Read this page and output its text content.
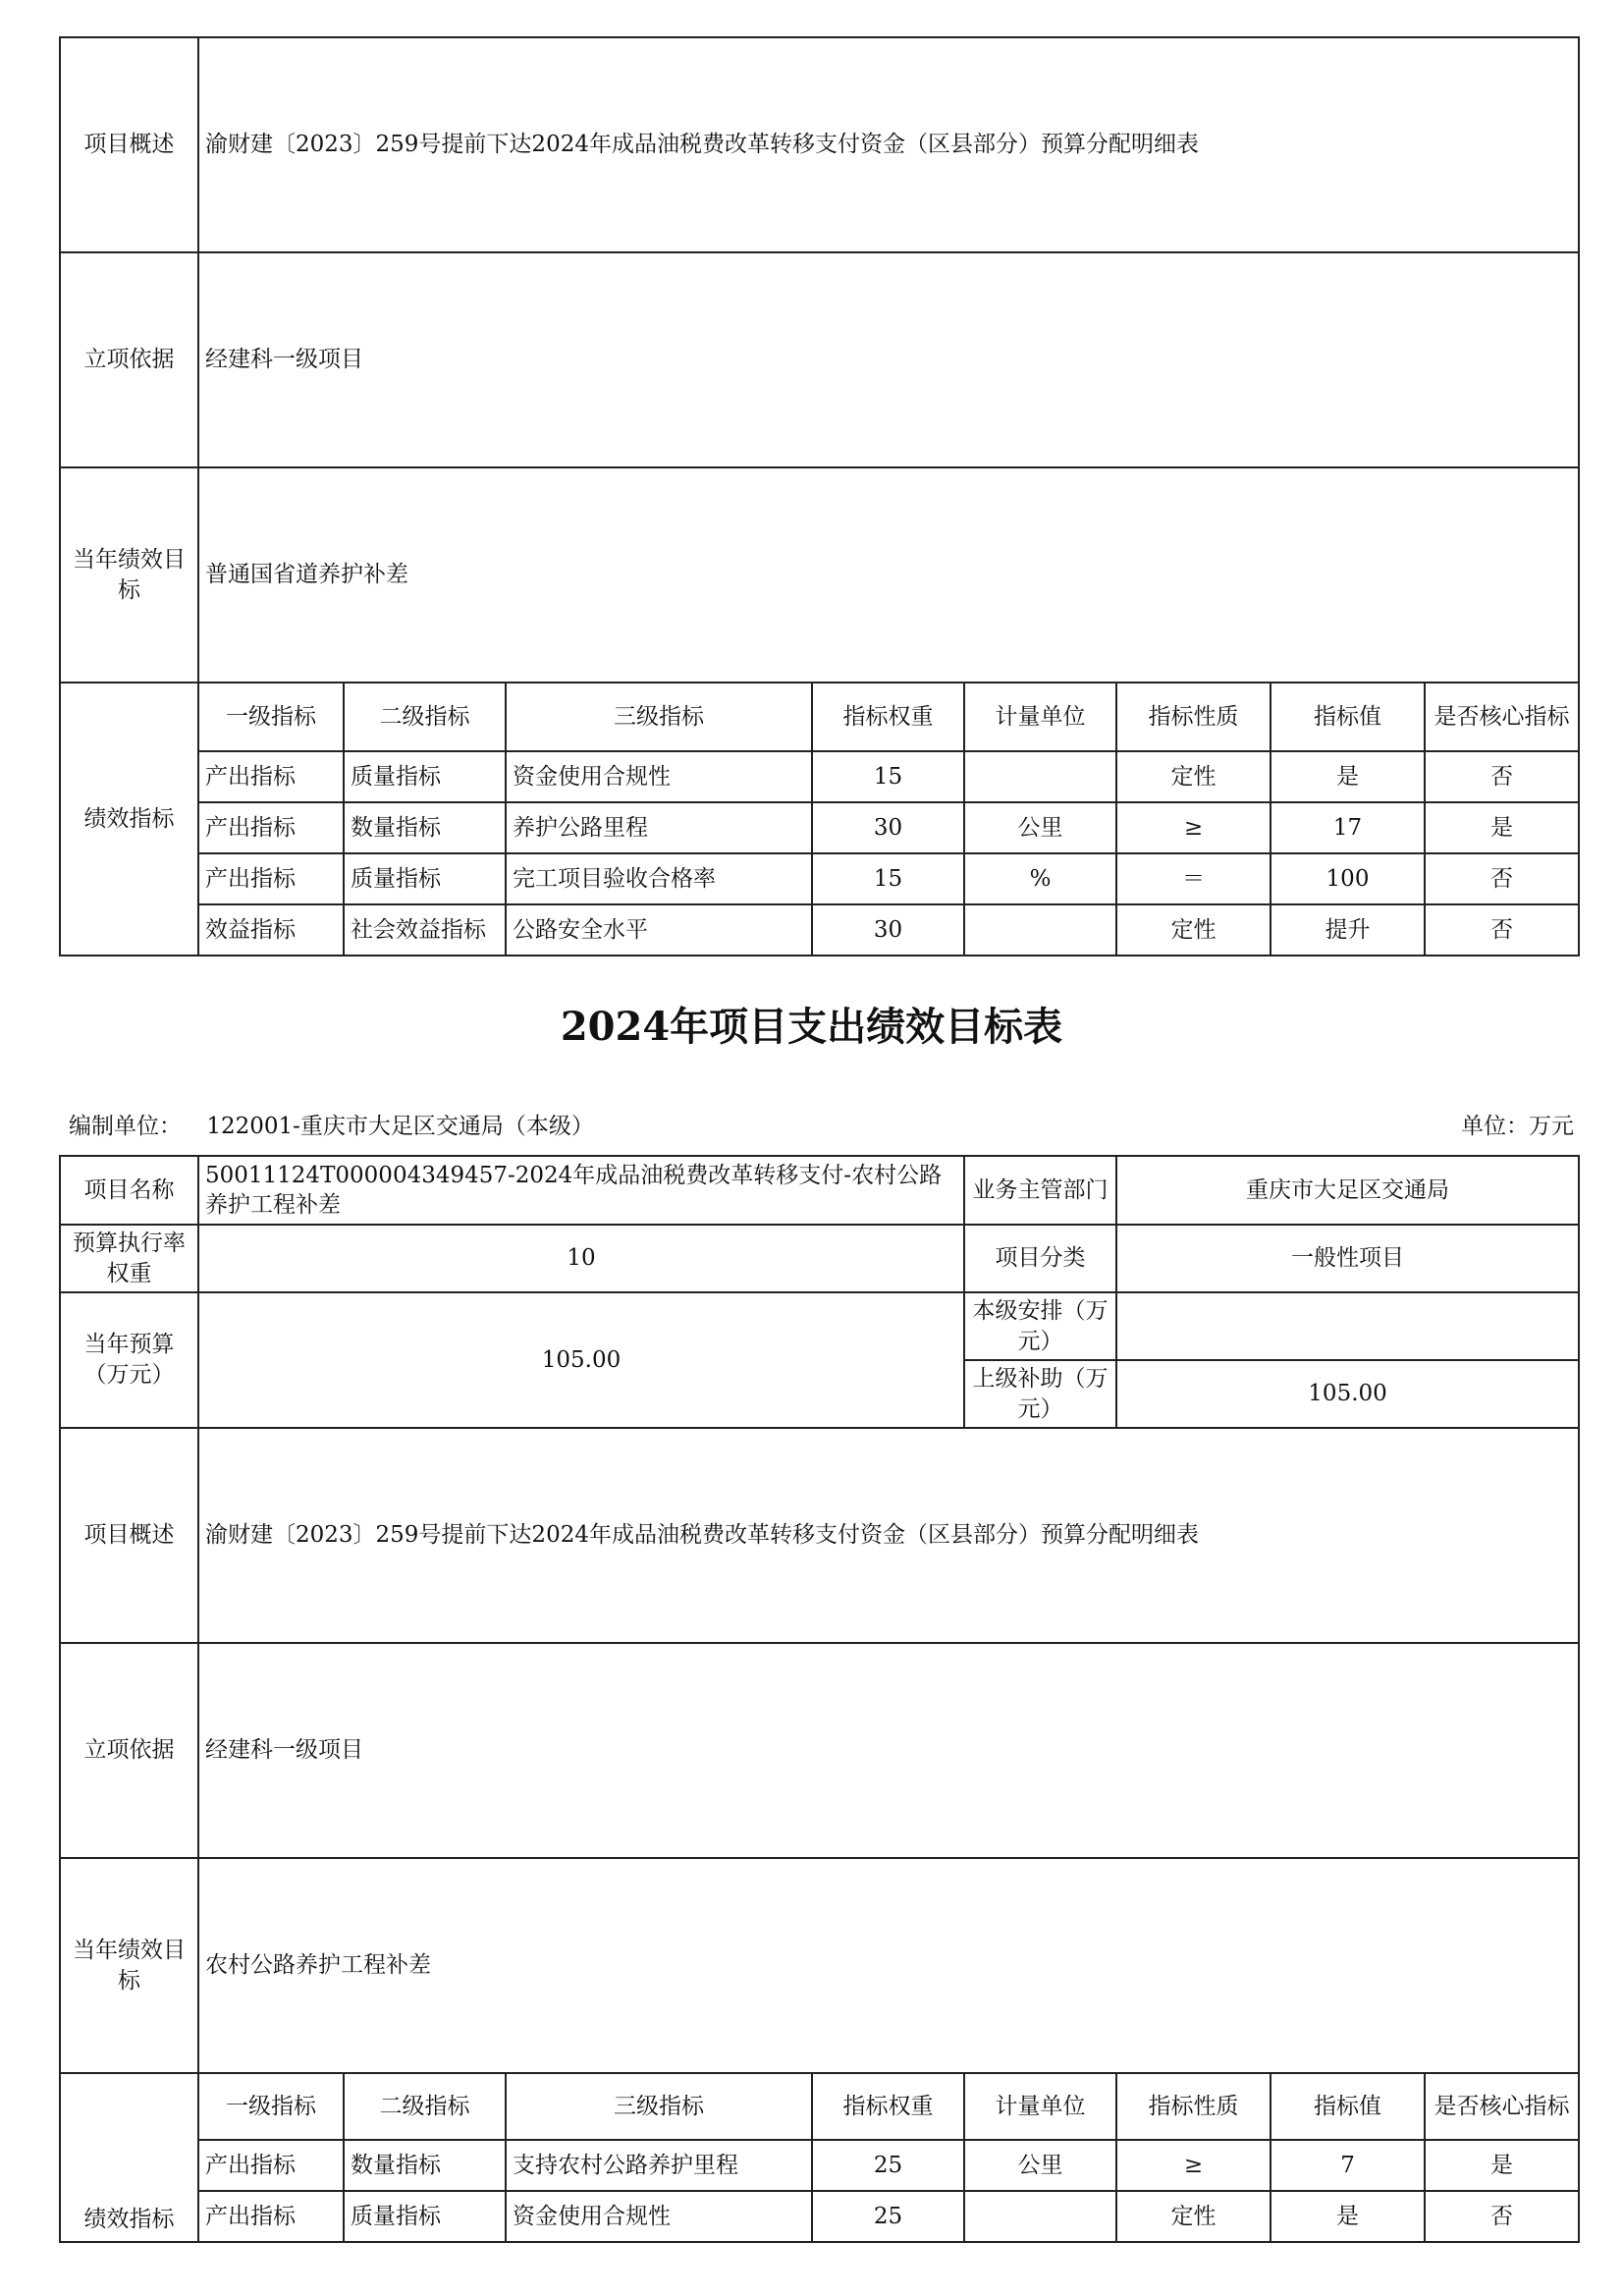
项目概述	渝财建〔2023〕259号提前下达2024年成品油税费改革转移支付资金（区县部分）预算分配明细表							
立项依据	经建科一级项目							
当年绩效目标	普通国省道养护补差							
绩效指标	一级指标	二级指标	三级指标	指标权重	计量单位	指标性质	指标值	是否核心指标
	产出指标	质量指标	资金使用合规性	15		定性	是	否
	产出指标	数量指标	养护公路里程	30	公里	≥	17	是
	产出指标	质量指标	完工项目验收合格率	15	%	＝	100	否
	效益指标	社会效益指标	公路安全水平	30		定性	提升	否
2024年项目支出绩效目标表
编制单位： 122001-重庆市大足区交通局（本级）	单位：万元
项目名称	50011124T000004349457-2024年成品油税费改革转移支付-农村公路养护工程补差				业务主管部门	重庆市大足区交通局		
预算执行率权重	10				项目分类	一般性项目		
当年预算（万元）	105.00				本级安排（万元）			
					上级补助（万元）	105.00		
项目概述	渝财建〔2023〕259号提前下达2024年成品油税费改革转移支付资金（区县部分）预算分配明细表							
立项依据	经建科一级项目							
当年绩效目标	农村公路养护工程补差							
绩效指标	一级指标	二级指标	三级指标	指标权重	计量单位	指标性质	指标值	是否核心指标
	产出指标	数量指标	支持农村公路养护里程	25	公里	≥	7	是
	产出指标	质量指标	资金使用合规性	25		定性	是	否
